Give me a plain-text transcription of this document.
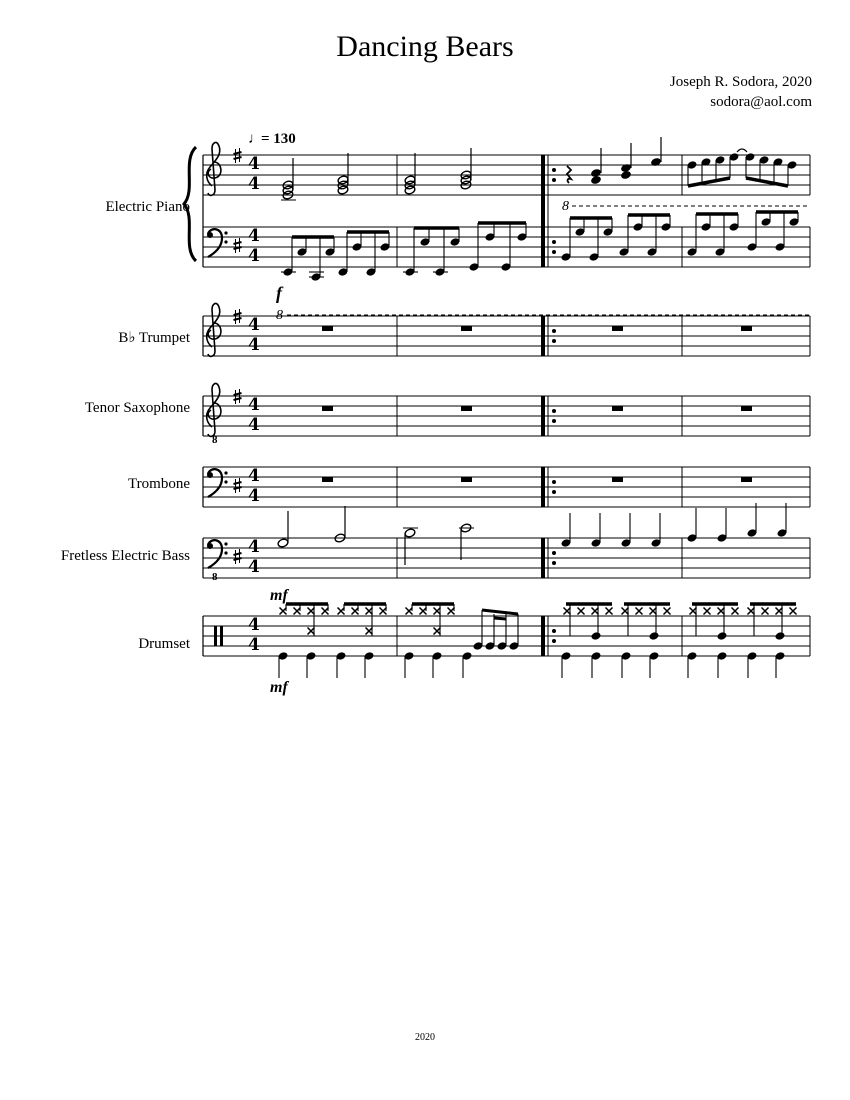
Dancing Bears
Joseph R. Sodora, 2020
sodora@aol.com
Electric Piano
B♭ Trumpet
Tenor Saxophone
Trombone
Fretless Electric Bass
Drumset
4
4
8
f
8
8
8
mf
mf
♩
= 130
2020
